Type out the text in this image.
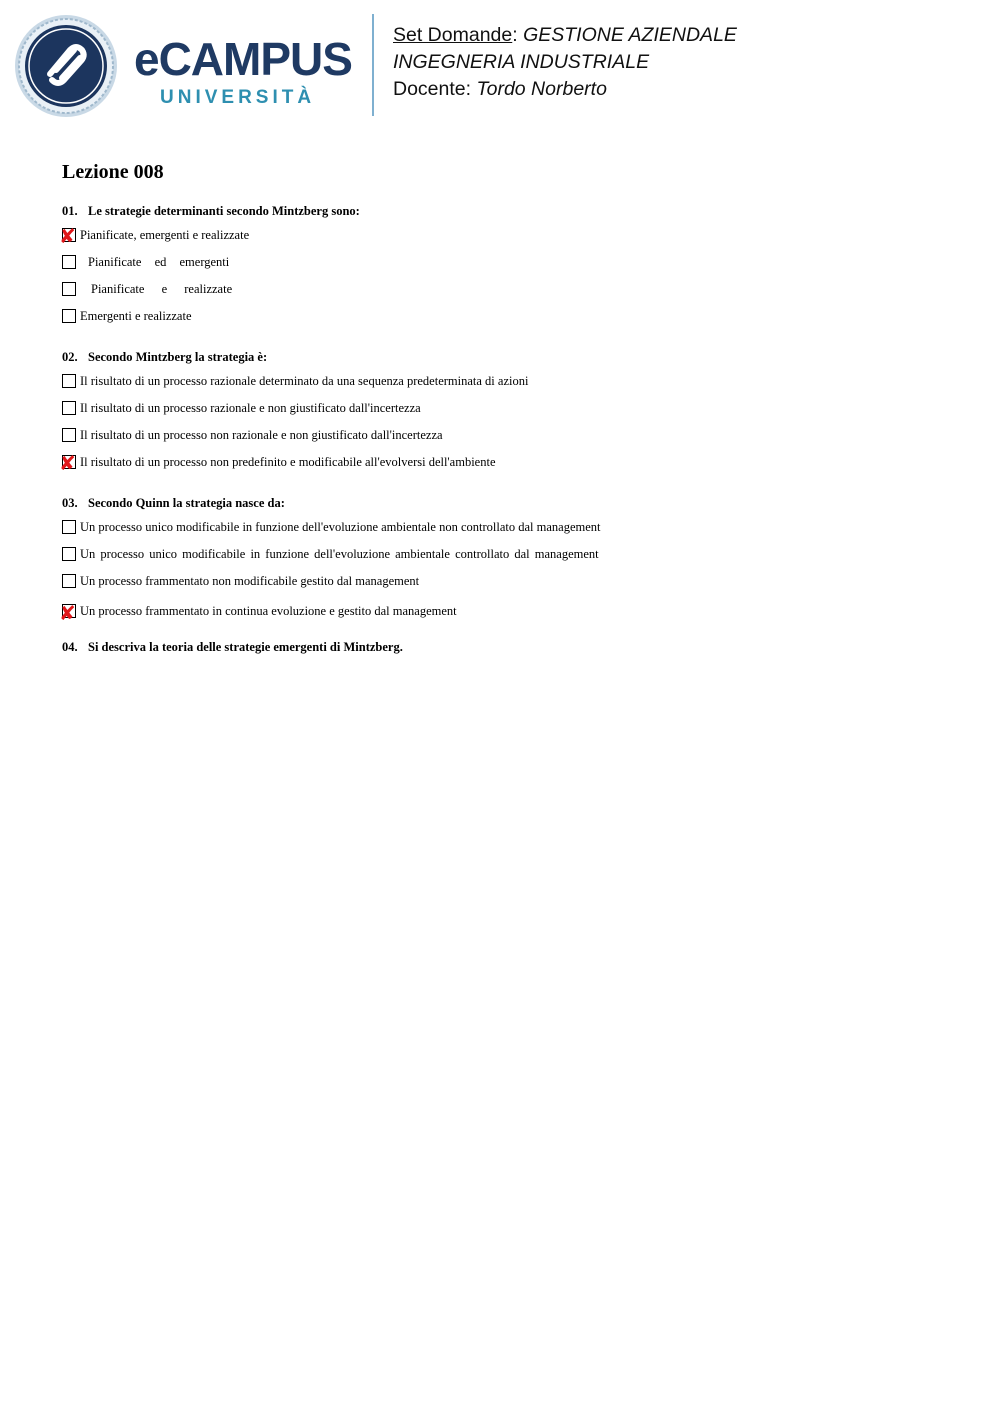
eCAMPUS
UNIVERSITÀ
Set Domande: GESTIONE AZIENDALE
INGEGNERIA INDUSTRIALE
Docente: Tordo Norberto
Lezione 008
01. Le strategie determinanti secondo Mintzberg sono:
✘ Pianificate, emergenti e realizzate
Pianificate ed emergenti
Pianificate e realizzate
Emergenti e realizzate
02. Secondo Mintzberg la strategia è:
Il risultato di un processo razionale determinato da una sequenza predeterminata di azioni
Il risultato di un processo razionale e non giustificato dall'incertezza
Il risultato di un processo non razionale e non giustificato dall'incertezza
✘ Il risultato di un processo non predefinito e modificabile all'evolversi dell'ambiente
03. Secondo Quinn la strategia nasce da:
Un processo unico modificabile in funzione dell'evoluzione ambientale non controllato dal management
Un processo unico modificabile in funzione dell'evoluzione ambientale controllato dal management
Un processo frammentato non modificabile gestito dal management
✘ Un processo frammentato in continua evoluzione e gestito dal management
04. Si descriva la teoria delle strategie emergenti di Mintzberg.
